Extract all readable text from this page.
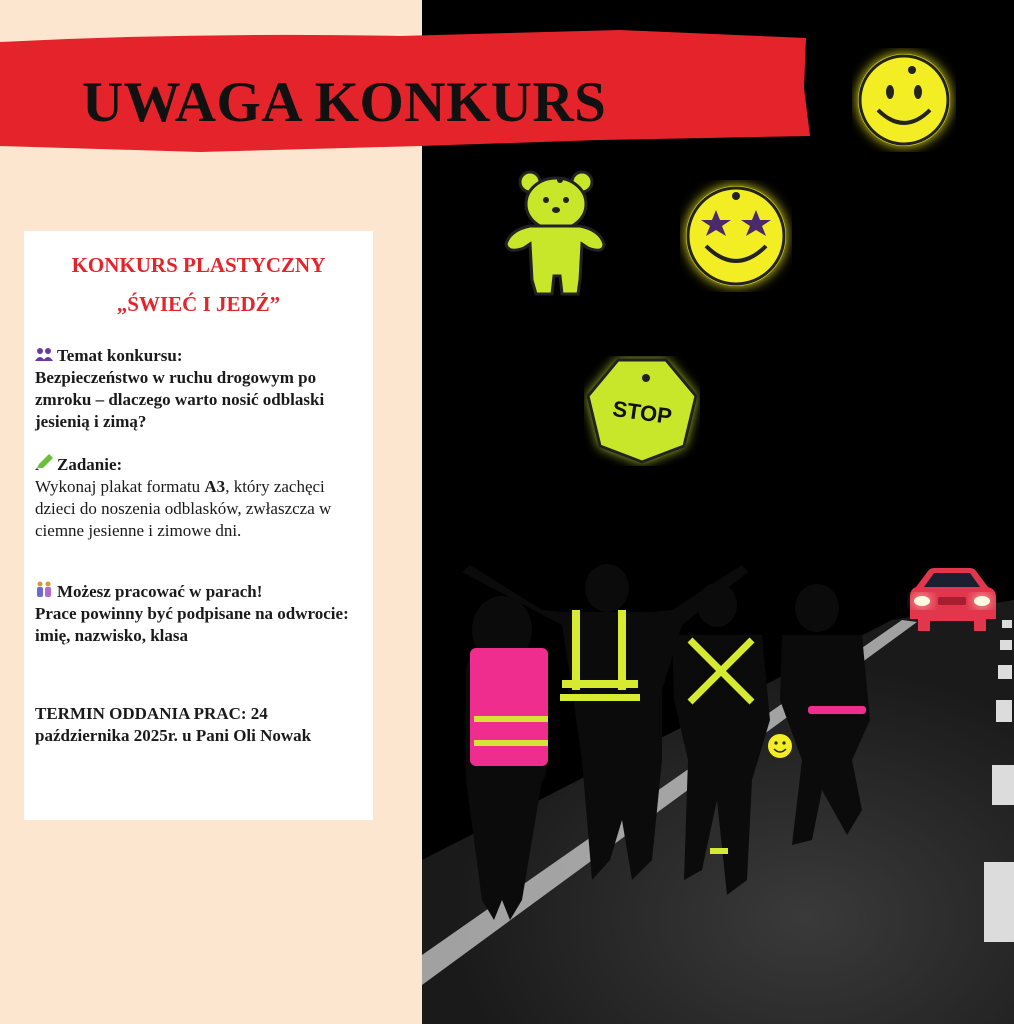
UWAGA KONKURS
STOP
KONKURS PLASTYCZNY
„ŚWIEĆ I JEDŹ”
Temat konkursu:
Bezpieczeństwo w ruchu drogowym po zmroku – dlaczego warto nosić odblaski jesienią i zimą?
Zadanie:
Wykonaj plakat formatu A3, który zachęci dzieci do noszenia odblasków, zwłaszcza w ciemne jesienne i zimowe dni.
Możesz pracować w parach!
Prace powinny być podpisane na odwrocie: imię, nazwisko, klasa
TERMIN ODDANIA PRAC: 24 października 2025r. u Pani Oli Nowak
